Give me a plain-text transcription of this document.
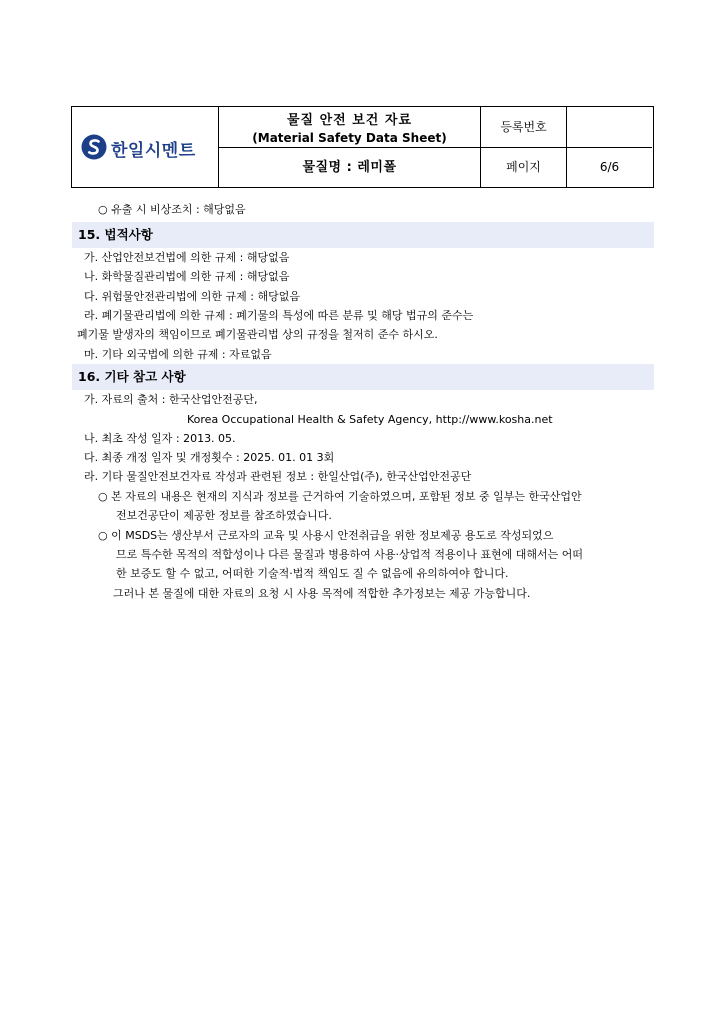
한일시멘트
물질 안전 보건 자료
(Material Safety Data Sheet)
물질명 : 레미폴
등록번호
페이지	6/6
○ 유출 시 비상조치 : 해당없음
15. 법적사항
가. 산업안전보건법에 의한 규제 : 해당없음
나. 화학물질관리법에 의한 규제 : 해당없음
다. 위험물안전관리법에 의한 규제 : 해당없음
라. 폐기물관리법에 의한 규제 : 폐기물의 특성에 따른 분류 및 해당 법규의 준수는
폐기물 발생자의 책임이므로 폐기물관리법 상의 규정을 철저히 준수 하시오.
마. 기타 외국법에 의한 규제 : 자료없음
16. 기타 참고 사항
가. 자료의 출처 : 한국산업안전공단,
Korea Occupational Health & Safety Agency, http://www.kosha.net
나. 최초 작성 일자 : 2013. 05.
다. 최종 개정 일자 및 개정횟수 : 2025. 01. 01 3회
라. 기타 물질안전보건자료 작성과 관련된 정보 : 한일산업(주), 한국산업안전공단
○ 본 자료의 내용은 현재의 지식과 정보를 근거하여 기술하였으며, 포함된 정보 중 일부는 한국산업안
전보건공단이 제공한 정보를 참조하였습니다.
○ 이 MSDS는 생산부서 근로자의 교육 및 사용시 안전취급을 위한 정보제공 용도로 작성되었으
므로 특수한 목적의 적합성이나 다른 물질과 병용하여 사용·상업적 적용이나 표현에 대해서는 어떠
한 보증도 할 수 없고, 어떠한 기술적·법적 책임도 질 수 없음에 유의하여야 합니다.
그러나 본 물질에 대한 자료의 요청 시 사용 목적에 적합한 추가정보는 제공 가능합니다.
